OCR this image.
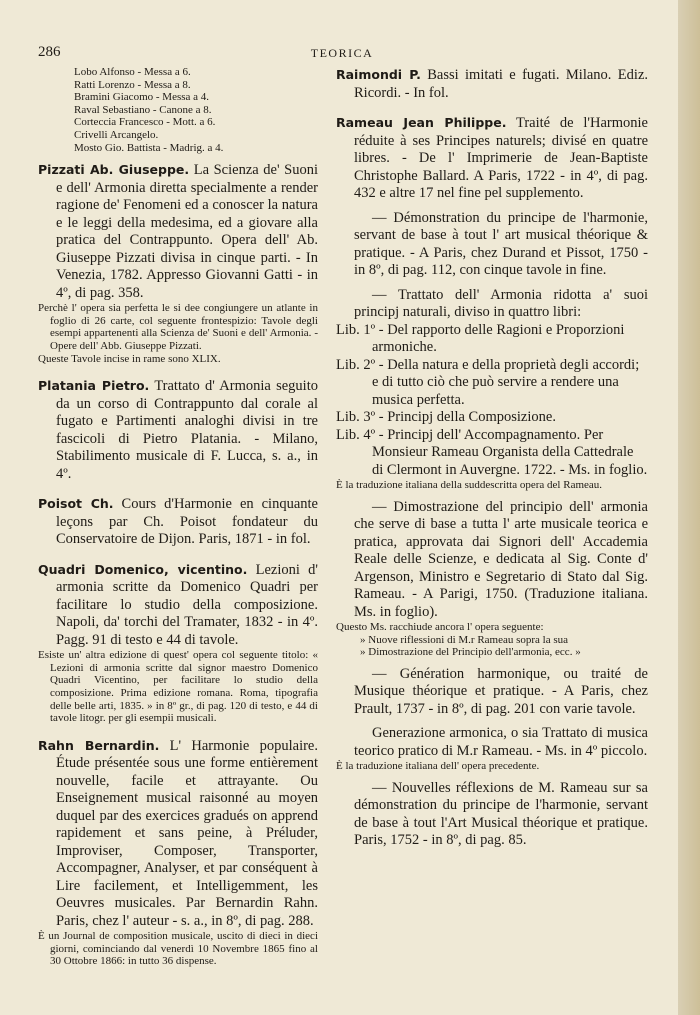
286	TEORICA
Lobo Alfonso - Messa a 6.
Ratti Lorenzo - Messa a 8.
Bramini Giacomo - Messa a 4.
Raval Sebastiano - Canone a 8.
Corteccia Francesco - Mott. a 6.
Crivelli Arcangelo.
Mosto Gio. Battista - Madrig. a 4.

Pizzati Ab. Giuseppe. La Scienza de' Suoni e dell' Armonia diretta specialmente a render ragione de' Fenomeni ed a conoscer la natura e le leggi della medesima, ed a giovare alla pratica del Contrappunto. Opera dell' Ab. Giuseppe Pizzati divisa in cinque parti. - In Venezia, 1782. Appresso Giovanni Gatti - in 4º, di pag. 358.

Perchè l' opera sia perfetta le si dee congiungere un atlante in foglio di 26 carte, col seguente frontespizio: Tavole degli esempi appartenenti alla Scienza de' Suoni e dell' Armonia. - Opere dell' Abb. Giuseppe Pizzati.

Queste Tavole incise in rame sono XLIX.

Platania Pietro. Trattato d' Armonia seguito da un corso di Contrappunto dal corale al fugato e Partimenti analoghi divisi in tre fascicoli di Pietro Platania. - Milano, Stabilimento musicale di F. Lucca, s. a., in 4º.

Poisot Ch. Cours d'Harmonie en cinquante leçons par Ch. Poisot fondateur du Conservatoire de Dijon. Paris, 1871 - in fol.

Quadri Domenico, vicentino. Lezioni d' armonia scritte da Domenico Quadri per facilitare lo studio della composizione. Napoli, da' torchi del Tramater, 1832 - in 4º. Pagg. 91 di testo e 44 di tavole.

Esiste un' altra edizione di quest' opera col seguente titolo: « Lezioni di armonia scritte dal signor maestro Domenico Quadri Vicentino, per facilitare lo studio della composizione. Prima edizione romana. Roma, tipografia delle belle arti, 1835. » in 8º gr., di pag. 120 di testo, e 44 di tavole litogr. per gli esempii musicali.

Rahn Bernardin. L' Harmonie populaire. Étude présentée sous une forme entièrement nouvelle, facile et attrayante. Ou Enseignement musical raisonné au moyen duquel par des exercices gradués on apprend rapidement et sans peine, à Préluder, Improviser, Composer, Transporter, Accompagner, Analyser, et par conséquent à Lire facilement, et Intelligemment, les Oeuvres musicales. Par Bernardin Rahn. Paris, chez l' auteur - s. a., in 8º, di pag. 288.

È un Journal de composition musicale, uscito di dieci in dieci giorni, cominciando dal venerdì 10 Novembre 1865 fino al 30 Ottobre 1866: in tutto 36 dispense.

Raimondi P. Bassi imitati e fugati. Milano. Ediz. Ricordi. - In fol.

Rameau Jean Philippe. Traité de l'Harmonie réduite à ses Principes naturels; divisé en quatre libres. - De l' Imprimerie de Jean-Baptiste Christophe Ballard. A Paris, 1722 - in 4º, di pag. 432 e altre 17 nel fine pel supplemento.

— Démonstration du principe de l'harmonie, servant de base à tout l' art musical théorique & pratique. - A Paris, chez Durand et Pissot, 1750 - in 8º, di pag. 112, con cinque tavole in fine.

— Trattato dell' Armonia ridotta a' suoi principj naturali, diviso in quattro libri:

Lib. 1º - Del rapporto delle Ragioni e Proporzioni armoniche.

Lib. 2º - Della natura e della proprietà degli accordi; e di tutto ciò che può servire a rendere una musica perfetta.

Lib. 3º - Principj della Composizione.

Lib. 4º - Principj dell' Accompagnamento. Per Monsieur Rameau Organista della Cattedrale di Clermont in Auvergne. 1722. - Ms. in foglio.

È la traduzione italiana della suddescritta opera del Rameau.

— Dimostrazione del principio dell' armonia che serve di base a tutta l' arte musicale teorica e pratica, approvata dai Signori dell' Accademia Reale delle Scienze, e dedicata al Sig. Conte d' Argenson, Ministro e Segretario di Stato dal Sig. Rameau. - A Parigi, 1750. (Traduzione italiana. Ms. in foglio).

Questo Ms. racchiude ancora l' opera seguente:

» Nuove riflessioni di M.r Rameau sopra la sua

» Dimostrazione del Principio dell'armonia, ecc. »

— Génération harmonique, ou traité de Musique théorique et pratique. - A Paris, chez Prault, 1737 - in 8º, di pag. 201 con varie tavole.

Generazione armonica, o sia Trattato di musica teorico pratico di M.r Rameau. - Ms. in 4º piccolo.

È la traduzione italiana dell' opera precedente.

— Nouvelles réflexions de M. Rameau sur sa démonstration du principe de l'harmonie, servant de base à tout l'Art Musical théorique et pratique. Paris, 1752 - in 8º, di pag. 85.
